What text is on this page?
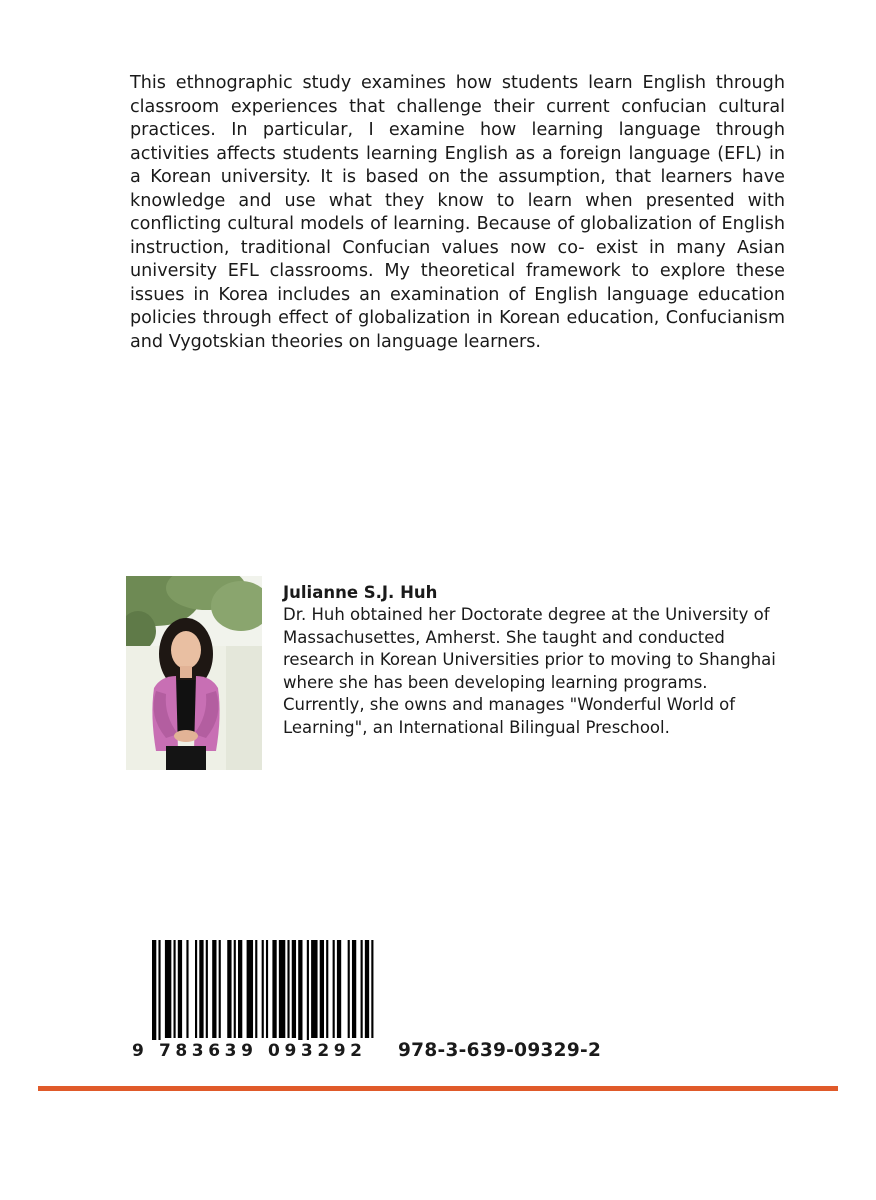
This ethnographic study examines how students learn English through classroom experiences that challenge their current confucian cultural practices. In particular, I examine how learning language through activities affects students learning English as a foreign language (EFL) in a Korean university. It is based on the assumption, that learners have knowledge and use what they know to learn when presented with conflicting cultural models of learning. Because of globalization of English instruction, traditional Confucian values now co- exist in many Asian university EFL classrooms. My theoretical framework to explore these issues in Korea includes an examination of English language education policies through effect of globalization in Korean education, Confucianism and Vygotskian theories on language learners.

Julianne S.J. Huh

Dr. Huh obtained her Doctorate degree at the University of Massachusettes, Amherst. She taught and conducted research in Korean Universities prior to moving to Shanghai where she has been developing learning programs. Currently, she owns and manages "Wonderful World of Learning", an International Bilingual Preschool.

9 783639 093292 978-3-639-09329-2
